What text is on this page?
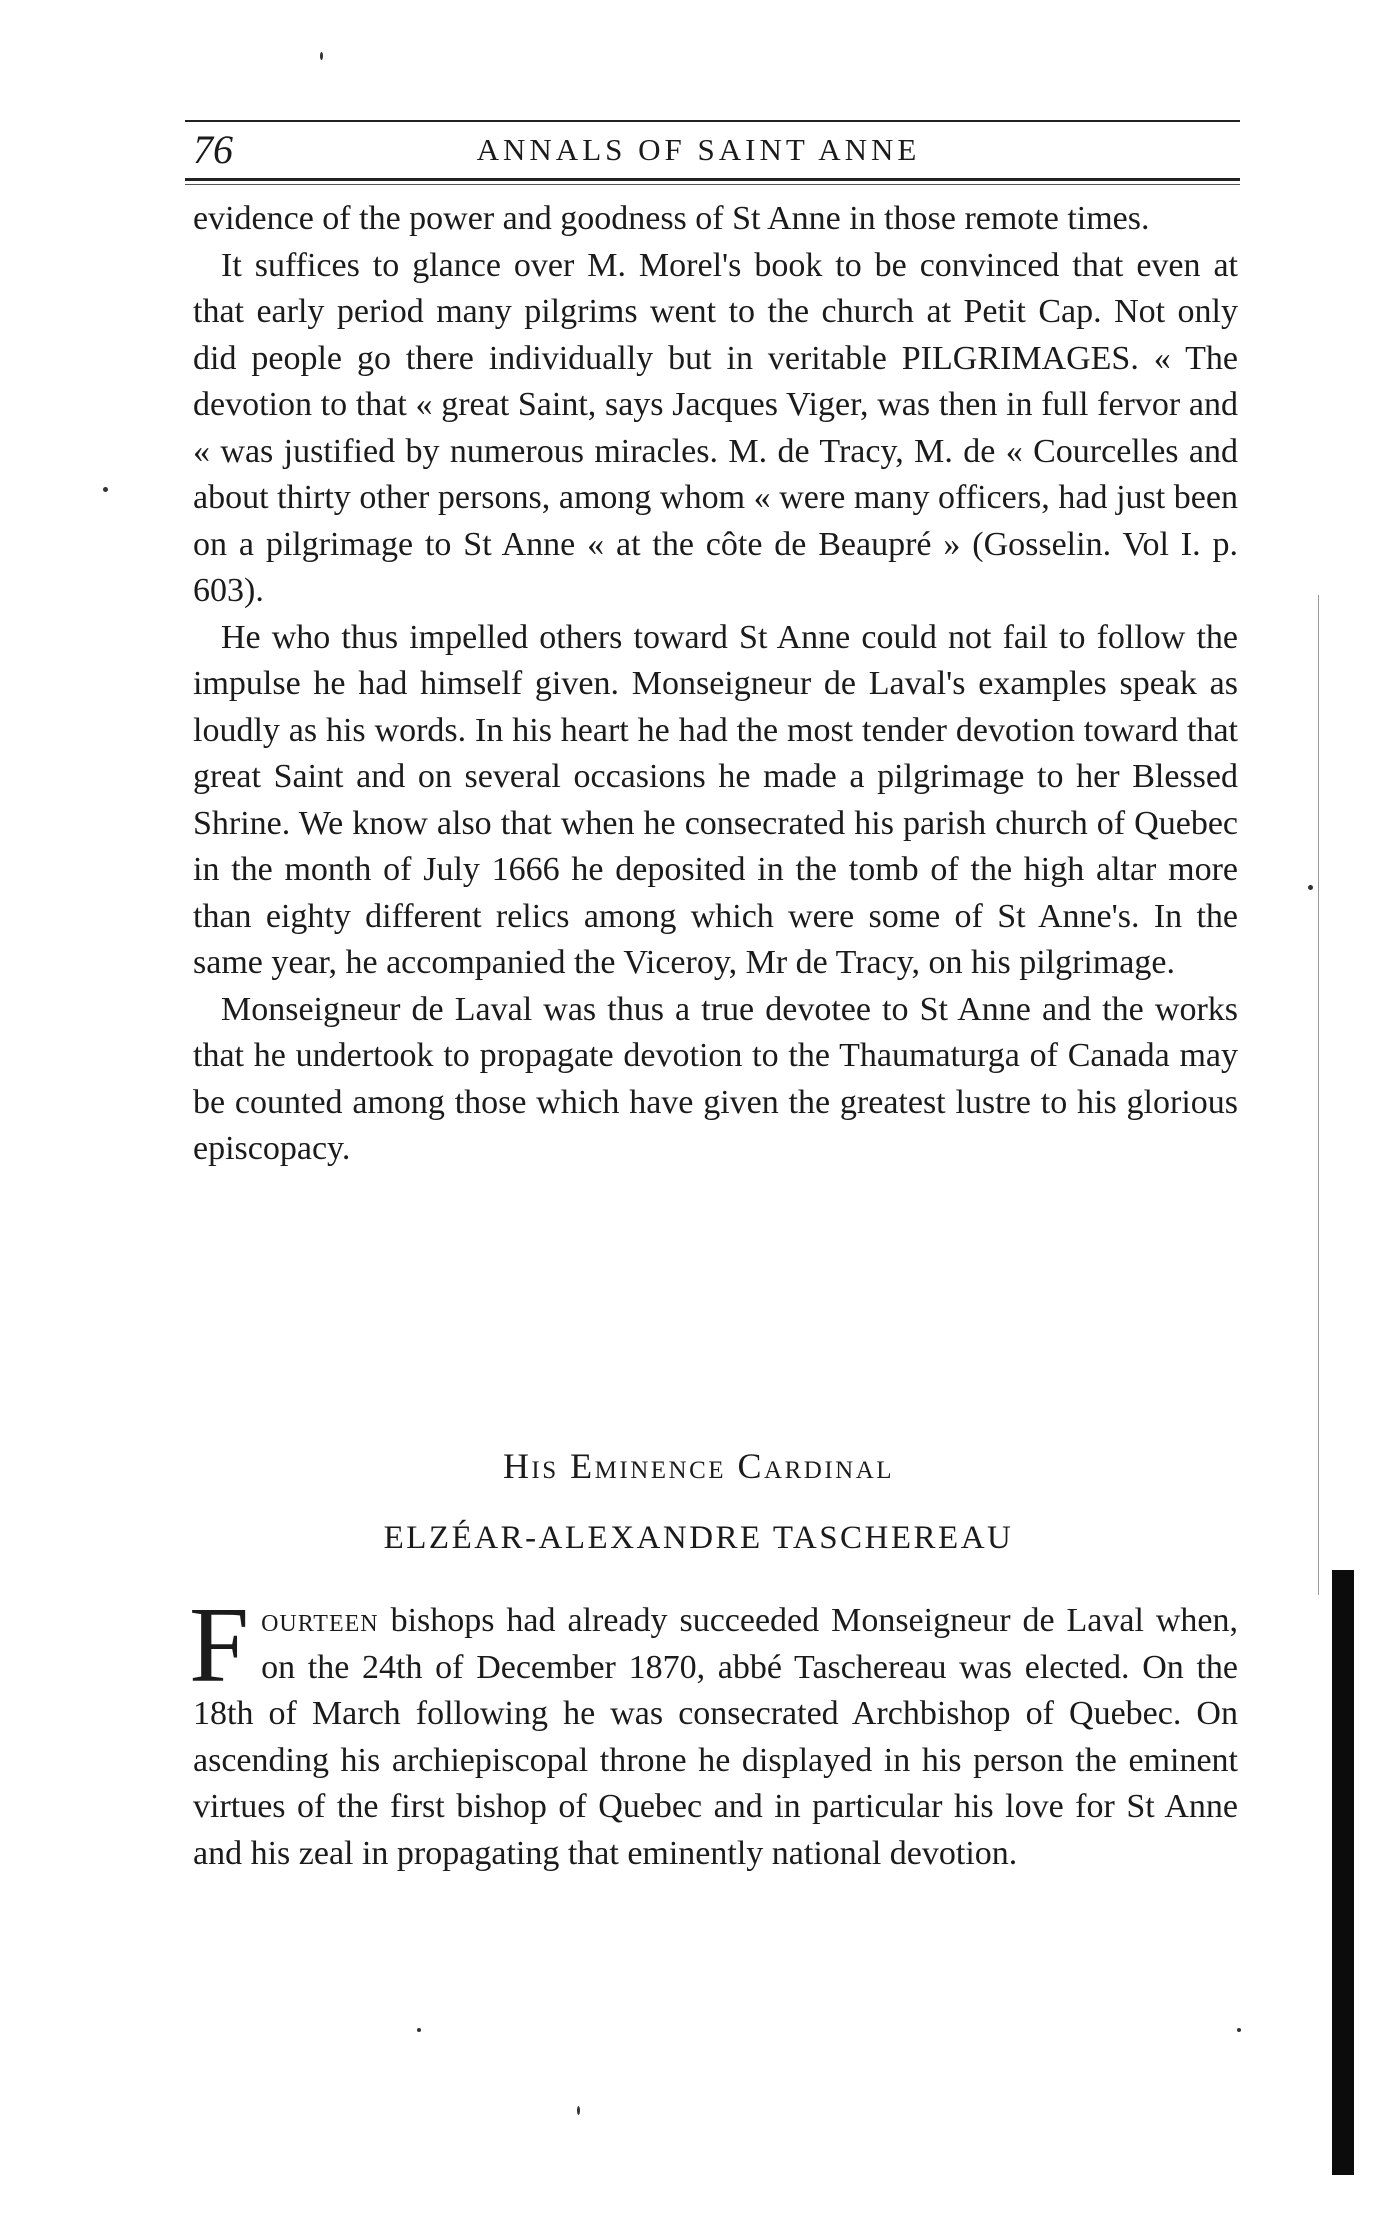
76	ANNALS OF SAINT ANNE

evidence of the power and goodness of St Anne in those remote times.

It suffices to glance over M. Morel's book to be convinced that even at that early period many pilgrims went to the church at Petit Cap. Not only did people go there individually but in veritable PILGRIMAGES. « The devotion to that « great Saint, says Jacques Viger, was then in full fervor and « was justified by numerous miracles. M. de Tracy, M. de « Courcelles and about thirty other persons, among whom « were many officers, had just been on a pilgrimage to St Anne « at the côte de Beaupré » (Gosselin. Vol I. p. 603).

He who thus impelled others toward St Anne could not fail to follow the impulse he had himself given. Monseigneur de Laval's examples speak as loudly as his words. In his heart he had the most tender devotion toward that great Saint and on several occasions he made a pilgrimage to her Blessed Shrine. We know also that when he consecrated his parish church of Quebec in the month of July 1666 he deposited in the tomb of the high altar more than eighty different relics among which were some of St Anne's. In the same year, he accompanied the Viceroy, Mr de Tracy, on his pilgrimage.

Monseigneur de Laval was thus a true devotee to St Anne and the works that he undertook to propagate devotion to the Thaumaturga of Canada may be counted among those which have given the greatest lustre to his glorious episcopacy.

His Eminence Cardinal
ELZÉAR-ALEXANDRE TASCHEREAU

Fourteen bishops had already succeeded Monseigneur de Laval when, on the 24th of December 1870, abbé Taschereau was elected. On the 18th of March following he was consecrated Archbishop of Quebec. On ascending his archiepiscopal throne he displayed in his person the eminent virtues of the first bishop of Quebec and in particular his love for St Anne and his zeal in propagating that eminently national devotion.
